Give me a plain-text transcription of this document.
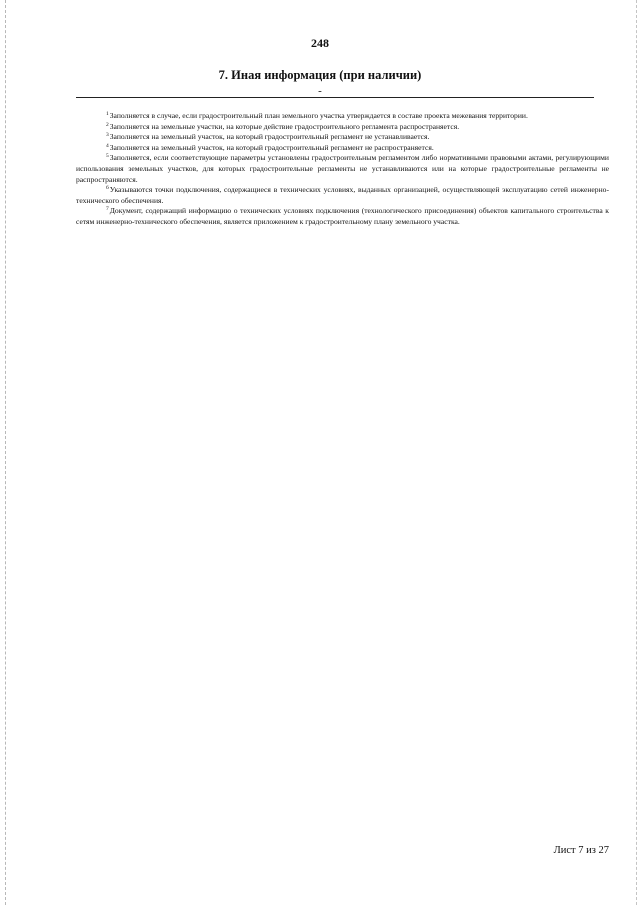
248
7. Иная информация (при наличии)
-

$^1$Заполняется в случае, если градостроительный план земельного участка утверждается в составе проекта межевания территории.

$^2$Заполняется на земельные участки, на которые действие градостроительного регламента распространяется.

$^3$Заполняется на земельный участок, на который градостроительный регламент не устанавливается.

$^4$Заполняется на земельный участок, на который градостроительный регламент не распространяется.

$^5$Заполняется, если соответствующие параметры установлены градостроительным регламентом либо нормативными правовыми актами, регулирующими использования земельных участков, для которых градостроительные регламенты не устанавливаются или на которые градостроительные регламенты не распространяются.

$^6$Указываются точки подключения, содержащиеся в технических условиях, выданных организацией, осуществляющей эксплуатацию сетей инженерно-технического обеспечения.

$^7$Документ, содержащий информацию о технических условиях подключения (технологического присоединения) объектов капитального строительства к сетям инженерно-технического обеспечения, является приложением к градостроительному плану земельного участка.

Лист 7 из 27
